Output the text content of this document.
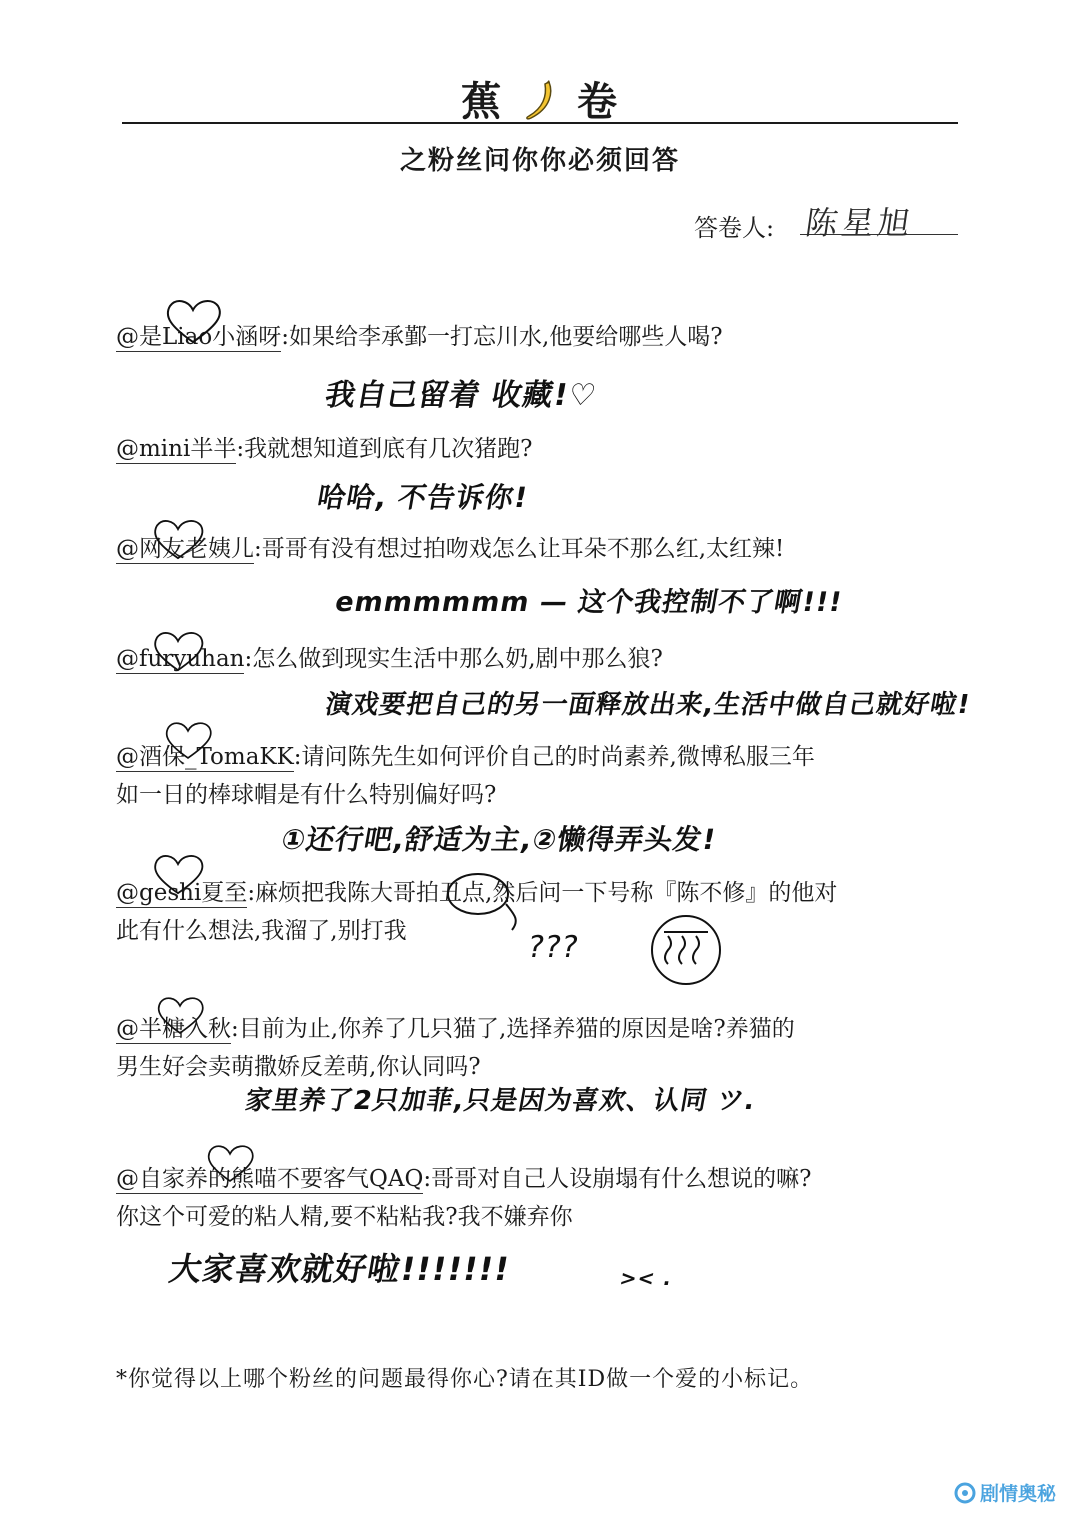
蕉 卷
之粉丝问你你必须回答
答卷人: 陈星旭
@是Liao小涵呀:如果给李承鄞一打忘川水,他要给哪些人喝?
我自己留着 收藏!♡
@mini半半:我就想知道到底有几次猪跑?
哈哈, 不告诉你!
@网友老姨儿:哥哥有没有想过拍吻戏怎么让耳朵不那么红,太红辣!
emmmmmm — 这个我控制不了啊!!!
@furyuhan:怎么做到现实生活中那么奶,剧中那么狼?
演戏要把自己的另一面释放出来,生活中做自己就好啦!
@酒保_TomaKK:请问陈先生如何评价自己的时尚素养,微博私服三年
如一日的棒球帽是有什么特别偏好吗?
①还行吧,舒适为主,②懒得弄头发!
@geshi夏至:麻烦把我陈大哥拍丑点,然后问一下号称『陈不修』的他对
此有什么想法,我溜了,别打我	???
@半糖入秋:目前为止,你养了几只猫了,选择养猫的原因是啥?养猫的
男生好会卖萌撒娇反差萌,你认同吗?
家里养了2只加菲,只是因为喜欢、认同 ツ.
@自家养的熊喵不要客气QAQ:哥哥对自己人设崩塌有什么想说的嘛?
你这个可爱的粘人精,要不粘粘我?我不嫌弃你
大家喜欢就好啦!!!!!!!	>< .
*你觉得以上哪个粉丝的问题最得你心?请在其ID做一个爱的小标记。
剧情奥秘
